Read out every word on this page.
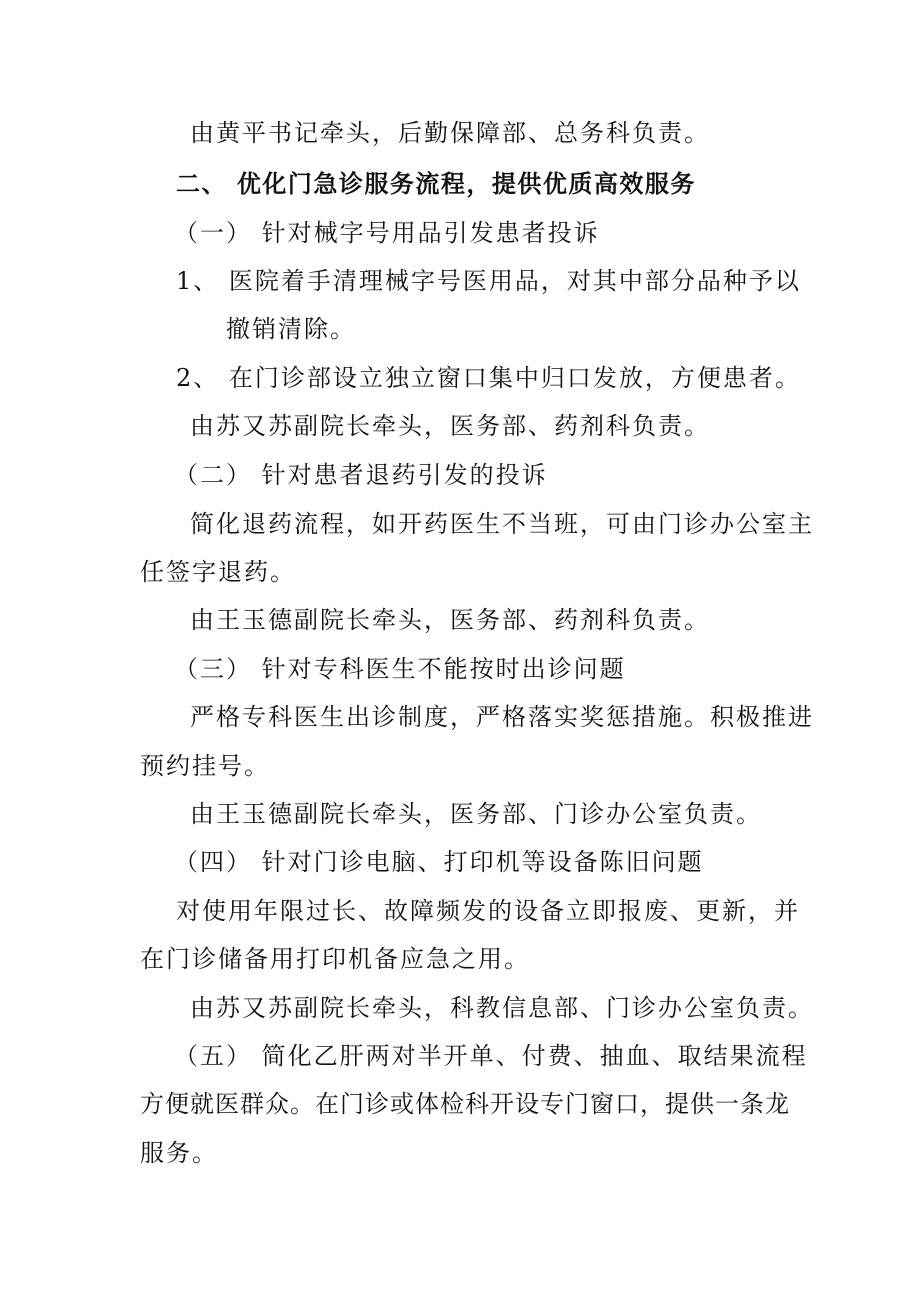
由黄平书记牵头，后勤保障部、总务科负责。
二、 优化门急诊服务流程，提供优质高效服务
（一） 针对械字号用品引发患者投诉
1、 医院着手清理械字号医用品，对其中部分品种予以
撤销清除。
2、 在门诊部设立独立窗口集中归口发放，方便患者。
由苏又苏副院长牵头，医务部、药剂科负责。
（二） 针对患者退药引发的投诉
简化退药流程，如开药医生不当班，可由门诊办公室主
任签字退药。
由王玉德副院长牵头，医务部、药剂科负责。
（三） 针对专科医生不能按时出诊问题
严格专科医生出诊制度，严格落实奖惩措施。积极推进
预约挂号。
由王玉德副院长牵头，医务部、门诊办公室负责。
（四） 针对门诊电脑、打印机等设备陈旧问题
对使用年限过长、故障频发的设备立即报废、更新，并
在门诊储备用打印机备应急之用。
由苏又苏副院长牵头，科教信息部、门诊办公室负责。
（五） 简化乙肝两对半开单、付费、抽血、取结果流程
方便就医群众。在门诊或体检科开设专门窗口，提供一条龙
服务。
